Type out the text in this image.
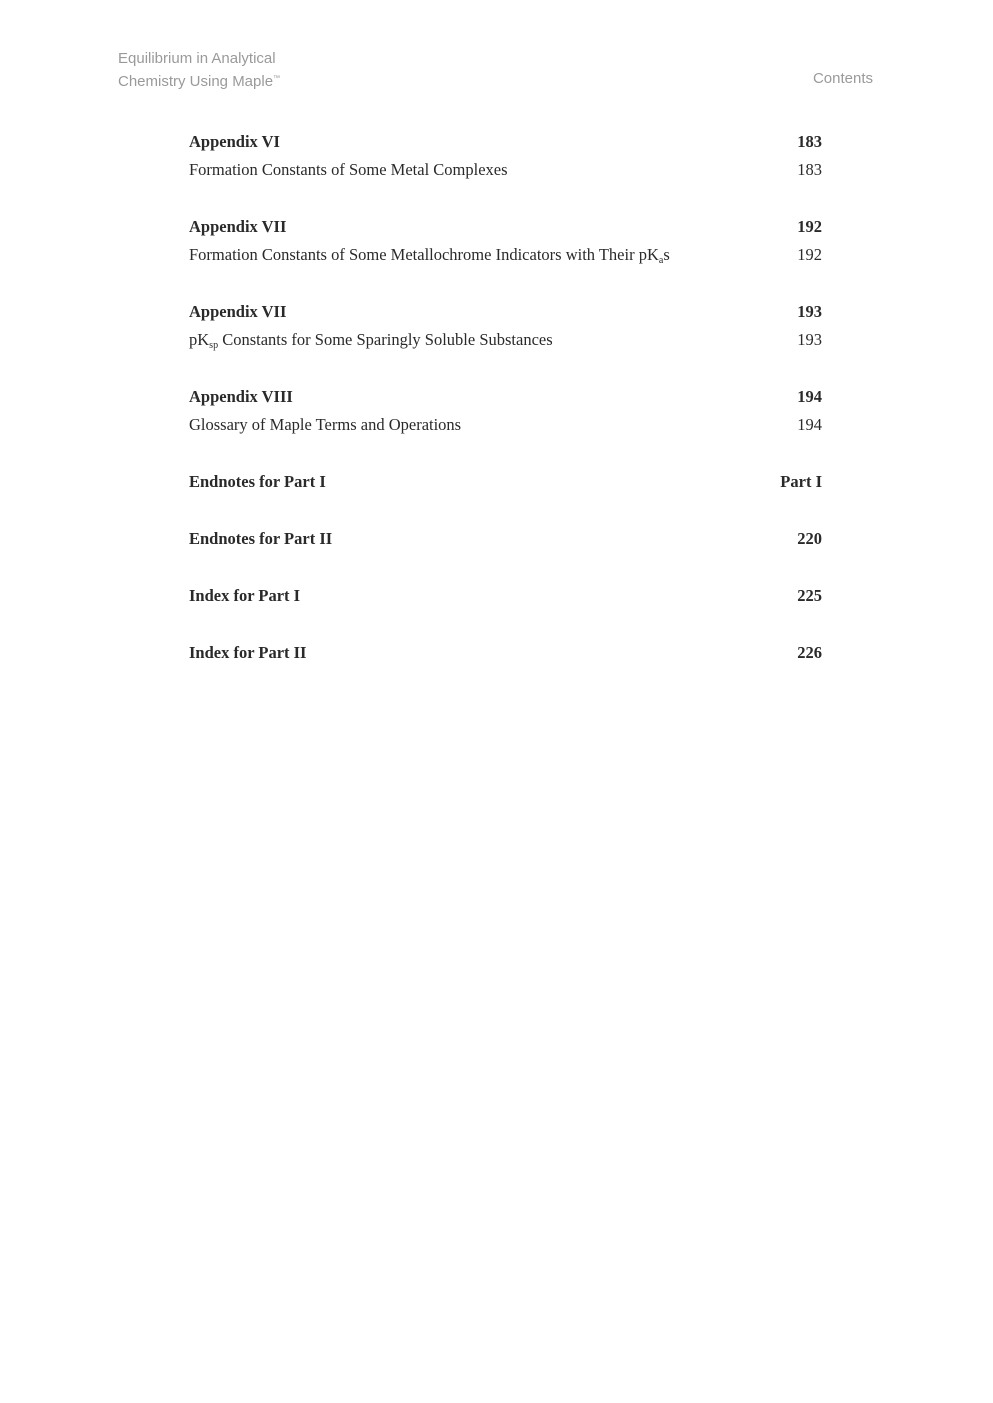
Equilibrium in Analytical
Chemistry Using Maple™	Contents
Appendix VI	183
Formation Constants of Some Metal Complexes	183
Appendix VII	192
Formation Constants of Some Metallochrome Indicators with Their $pK_as$	192
Appendix VII	193
$pK_{sp}$ Constants for Some Sparingly Soluble Substances	193
Appendix VIII	194
Glossary of Maple Terms and Operations	194
Endnotes for Part I	Part I
Endnotes for Part II	220
Index for Part I	225
Index for Part II	226
